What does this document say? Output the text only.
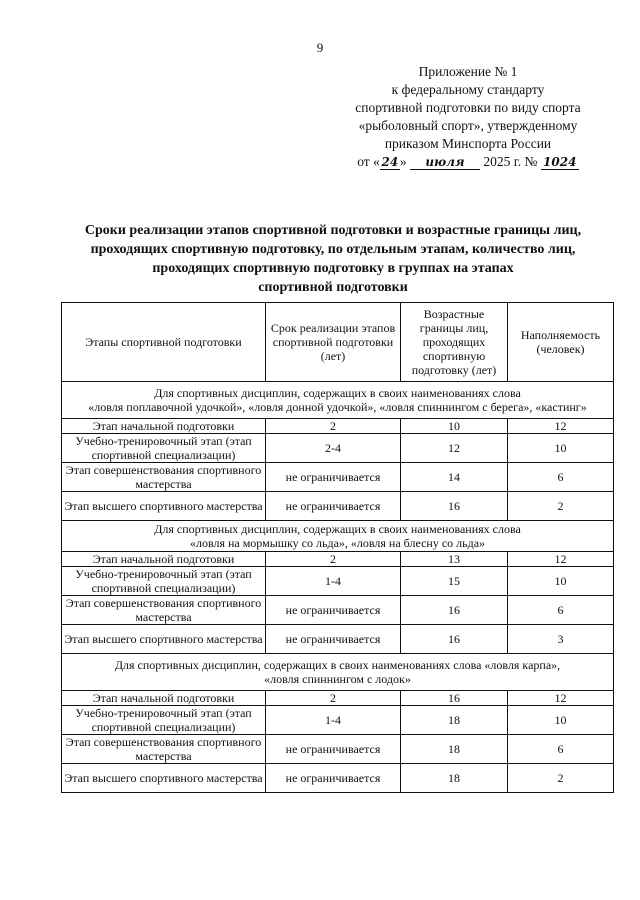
9
Приложение № 1
к федеральному стандарту
спортивной подготовки по виду спорта
«рыболовный спорт», утвержденному
приказом Минспорта России
от « 24 » июля 2025 г. № 1024
Сроки реализации этапов спортивной подготовки и возрастные границы лиц,
проходящих спортивную подготовку, по отдельным этапам, количество лиц,
проходящих спортивную подготовку в группах на этапах
спортивной подготовки
Этапы спортивной подготовки	Срок реализации этапов спортивной подготовки (лет)	Возрастные границы лиц, проходящих спортивную подготовку (лет)	Наполняемость (человек)

Для спортивных дисциплин, содержащих в своих наименованиях слова
«ловля поплавочной удочкой», «ловля донной удочкой», «ловля спиннингом с берега», «кастинг»			

Этап начальной подготовки	2	10	12
Учебно-тренировочный этап (этап спортивной специализации)	2-4	12	10
Этап совершенствования спортивного мастерства	не ограничивается	14	6
Этап высшего спортивного мастерства	не ограничивается	16	2

Для спортивных дисциплин, содержащих в своих наименованиях слова
«ловля на мормышку со льда», «ловля на блесну со льда»			

Этап начальной подготовки	2	13	12
Учебно-тренировочный этап (этап спортивной специализации)	1-4	15	10
Этап совершенствования спортивного мастерства	не ограничивается	16	6
Этап высшего спортивного мастерства	не ограничивается	16	3

Для спортивных дисциплин, содержащих в своих наименованиях слова «ловля карпа»,
«ловля спиннингом с лодок»			

Этап начальной подготовки	2	16	12
Учебно-тренировочный этап (этап спортивной специализации)	1-4	18	10
Этап совершенствования спортивного мастерства	не ограничивается	18	6
Этап высшего спортивного мастерства	не ограничивается	18	2
